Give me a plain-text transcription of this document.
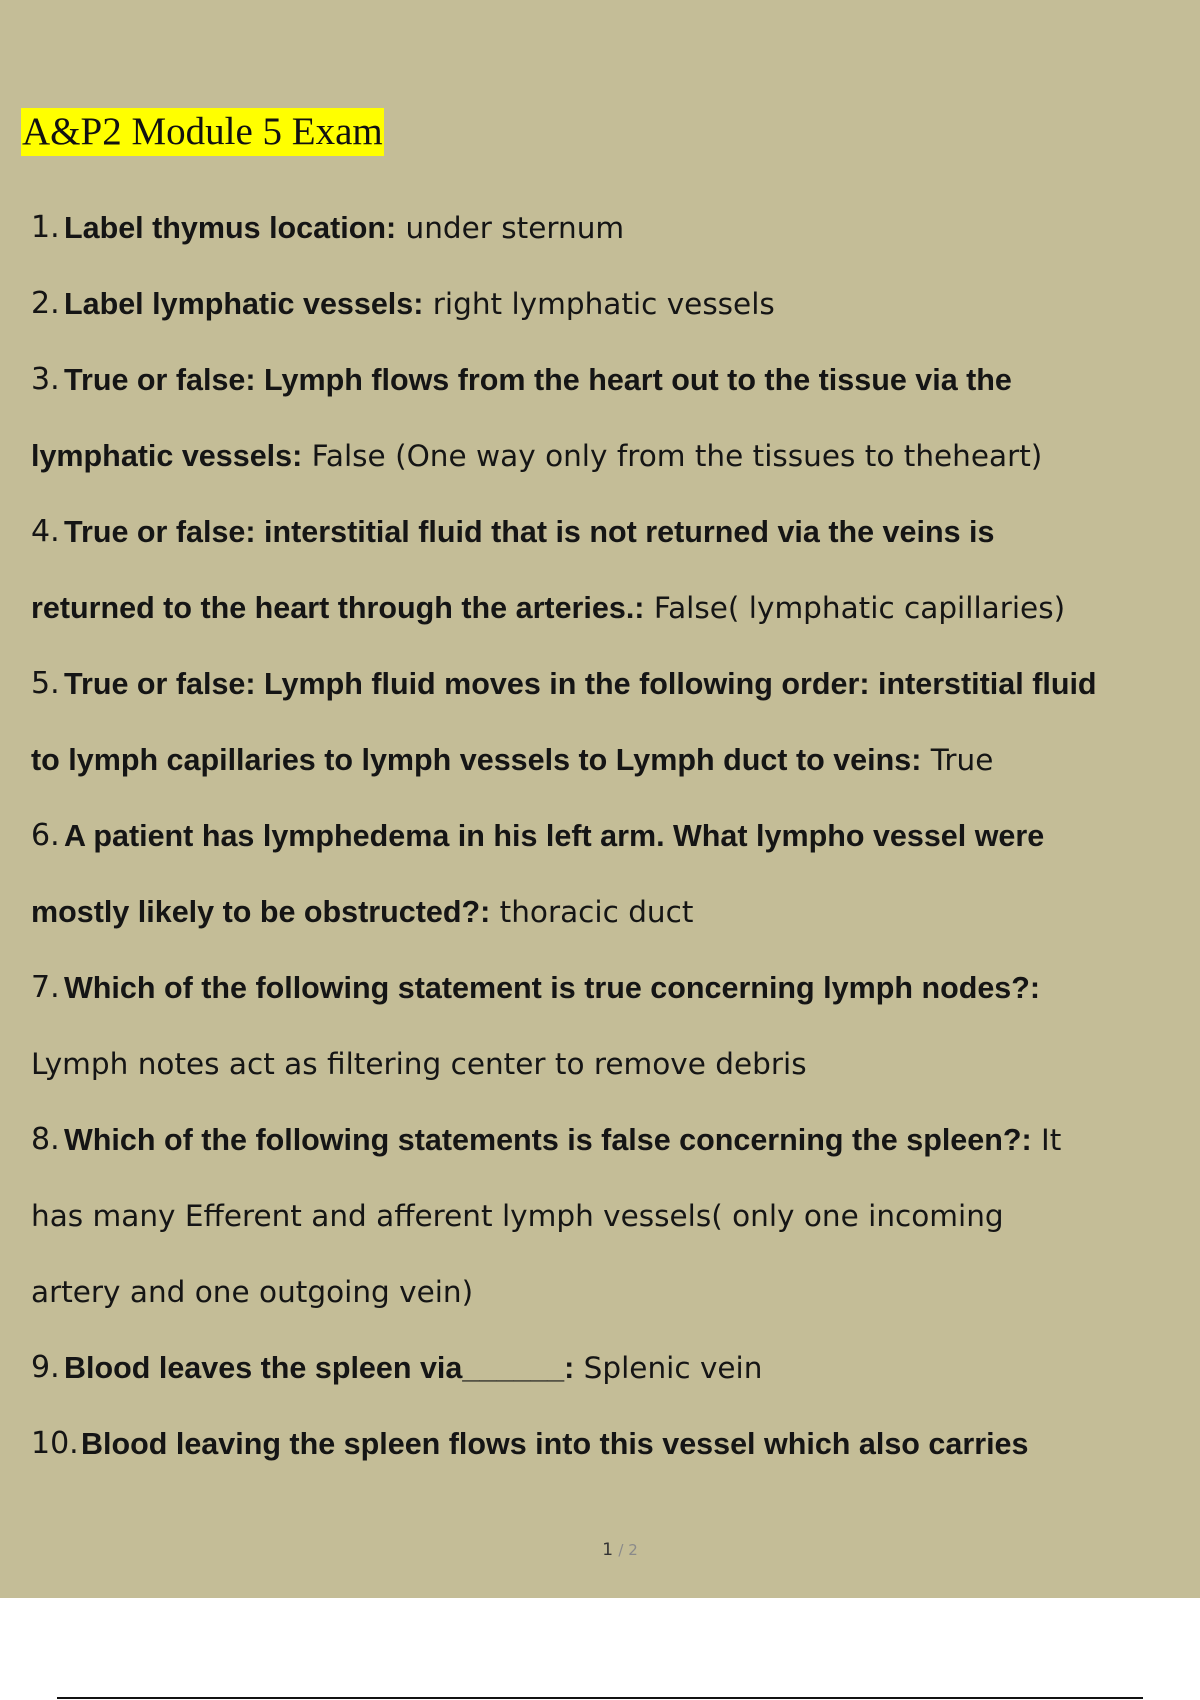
A&P2 Module 5 Exam
1. Label thymus location: under sternum
2. Label lymphatic vessels: right lymphatic vessels
3. True or false: Lymph flows from the heart out to the tissue via the
lymphatic vessels: False (One way only from the tissues to theheart)
4. True or false: interstitial fluid that is not returned via the veins is
returned to the heart through the arteries.: False( lymphatic capillaries)
5. True or false: Lymph fluid moves in the following order: interstitial fluid
to lymph capillaries to lymph vessels to Lymph duct to veins: True
6. A patient has lymphedema in his left arm. What lympho vessel were
mostly likely to be obstructed?: thoracic duct
7. Which of the following statement is true concerning lymph nodes?:
Lymph notes act as filtering center to remove debris
8. Which of the following statements is false concerning the spleen?: It
has many Efferent and afferent lymph vessels( only one incoming
artery and one outgoing vein)
9. Blood leaves the spleen via______: Splenic vein
10. Blood leaving the spleen flows into this vessel which also carries
1 / 2
